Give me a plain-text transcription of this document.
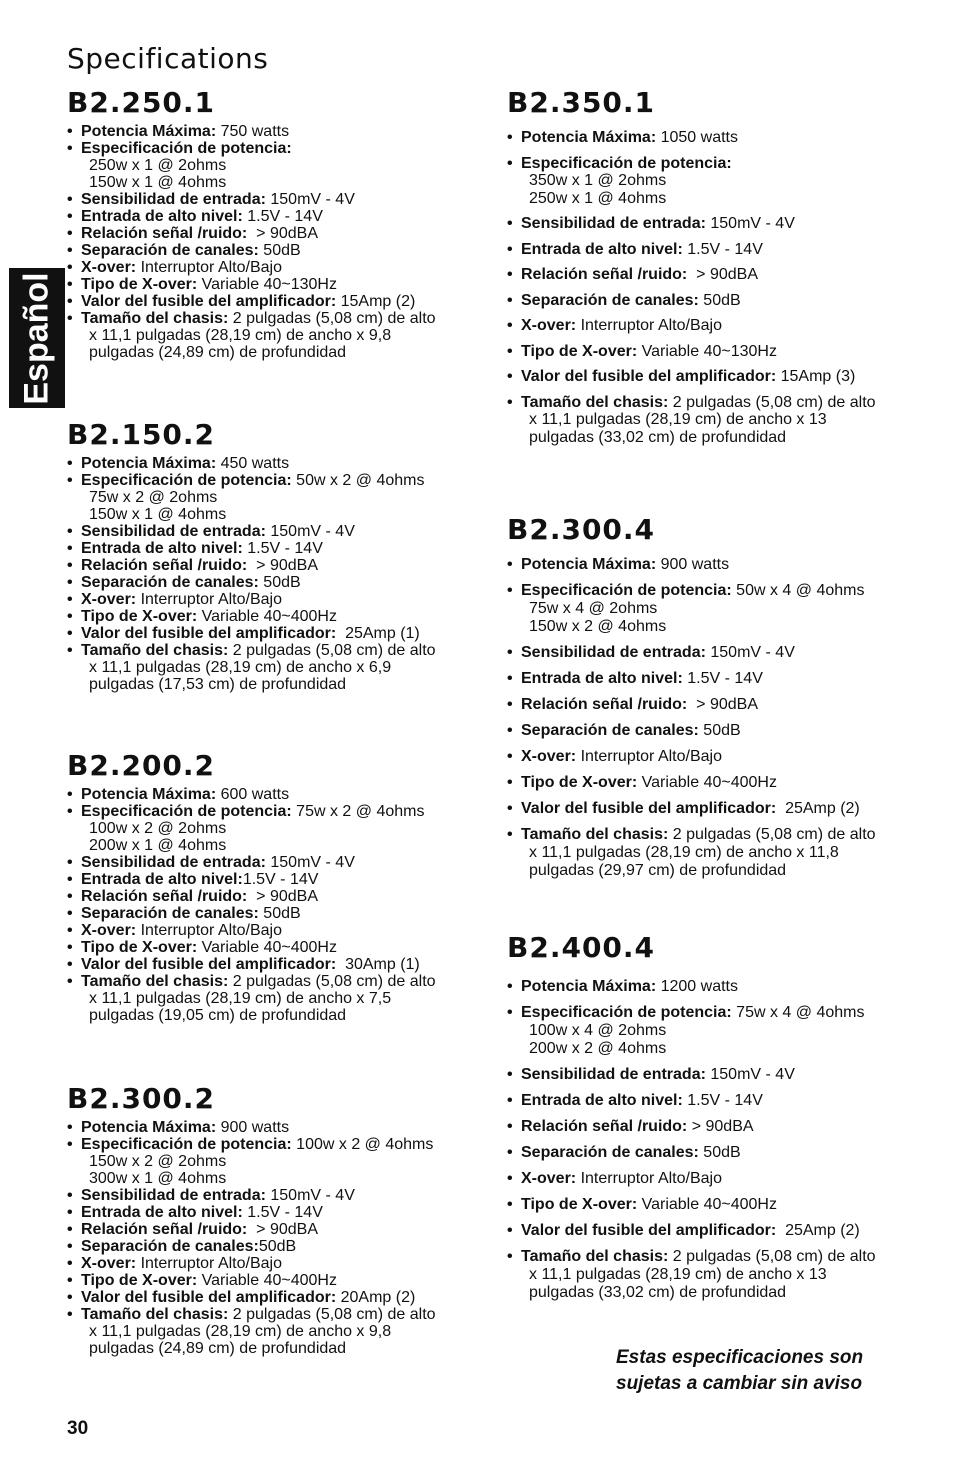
Specifications
Español
B2.250.1
• Potencia Máxima: 750 watts
• Especificación de potencia:
250w x 1 @ 2ohms
150w x 1 @ 4ohms
• Sensibilidad de entrada: 150mV - 4V
• Entrada de alto nivel: 1.5V - 14V
• Relación señal /ruido:  > 90dBA
• Separación de canales: 50dB
• X-over: Interruptor Alto/Bajo
• Tipo de X-over: Variable 40~130Hz
• Valor del fusible del amplificador: 15Amp (2)
• Tamaño del chasis: 2 pulgadas (5,08 cm) de alto
x 11,1 pulgadas (28,19 cm) de ancho x 9,8
pulgadas (24,89 cm) de profundidad
B2.150.2
• Potencia Máxima: 450 watts
• Especificación de potencia: 50w x 2 @ 4ohms
75w x 2 @ 2ohms
150w x 1 @ 4ohms
• Sensibilidad de entrada: 150mV - 4V
• Entrada de alto nivel: 1.5V - 14V
• Relación señal /ruido:  > 90dBA
• Separación de canales: 50dB
• X-over: Interruptor Alto/Bajo
• Tipo de X-over: Variable 40~400Hz
• Valor del fusible del amplificador:  25Amp (1)
• Tamaño del chasis: 2 pulgadas (5,08 cm) de alto
x 11,1 pulgadas (28,19 cm) de ancho x 6,9
pulgadas (17,53 cm) de profundidad
B2.200.2
• Potencia Máxima: 600 watts
• Especificación de potencia: 75w x 2 @ 4ohms
100w x 2 @ 2ohms
200w x 1 @ 4ohms
• Sensibilidad de entrada: 150mV - 4V
• Entrada de alto nivel:1.5V - 14V
• Relación señal /ruido:  > 90dBA
• Separación de canales: 50dB
• X-over: Interruptor Alto/Bajo
• Tipo de X-over: Variable 40~400Hz
• Valor del fusible del amplificador:  30Amp (1)
• Tamaño del chasis: 2 pulgadas (5,08 cm) de alto
x 11,1 pulgadas (28,19 cm) de ancho x 7,5
pulgadas (19,05 cm) de profundidad
B2.300.2
• Potencia Máxima: 900 watts
• Especificación de potencia: 100w x 2 @ 4ohms
150w x 2 @ 2ohms
300w x 1 @ 4ohms
• Sensibilidad de entrada: 150mV - 4V
• Entrada de alto nivel: 1.5V - 14V
• Relación señal /ruido:  > 90dBA
• Separación de canales:50dB
• X-over: Interruptor Alto/Bajo
• Tipo de X-over: Variable 40~400Hz
• Valor del fusible del amplificador: 20Amp (2)
• Tamaño del chasis: 2 pulgadas (5,08 cm) de alto
x 11,1 pulgadas (28,19 cm) de ancho x 9,8
pulgadas (24,89 cm) de profundidad
B2.350.1
• Potencia Máxima: 1050 watts
• Especificación de potencia:
350w x 1 @ 2ohms
250w x 1 @ 4ohms
• Sensibilidad de entrada: 150mV - 4V
• Entrada de alto nivel: 1.5V - 14V
• Relación señal /ruido:  > 90dBA
• Separación de canales: 50dB
• X-over: Interruptor Alto/Bajo
• Tipo de X-over: Variable 40~130Hz
• Valor del fusible del amplificador: 15Amp (3)
• Tamaño del chasis: 2 pulgadas (5,08 cm) de alto
x 11,1 pulgadas (28,19 cm) de ancho x 13
pulgadas (33,02 cm) de profundidad
B2.300.4
• Potencia Máxima: 900 watts
• Especificación de potencia: 50w x 4 @ 4ohms
75w x 4 @ 2ohms
150w x 2 @ 4ohms
• Sensibilidad de entrada: 150mV - 4V
• Entrada de alto nivel: 1.5V - 14V
• Relación señal /ruido:  > 90dBA
• Separación de canales: 50dB
• X-over: Interruptor Alto/Bajo
• Tipo de X-over: Variable 40~400Hz
• Valor del fusible del amplificador:  25Amp (2)
• Tamaño del chasis: 2 pulgadas (5,08 cm) de alto
x 11,1 pulgadas (28,19 cm) de ancho x 11,8
pulgadas (29,97 cm) de profundidad
B2.400.4
• Potencia Máxima: 1200 watts
• Especificación de potencia: 75w x 4 @ 4ohms
100w x 4 @ 2ohms
200w x 2 @ 4ohms
• Sensibilidad de entrada: 150mV - 4V
• Entrada de alto nivel: 1.5V - 14V
• Relación señal /ruido: > 90dBA
• Separación de canales: 50dB
• X-over: Interruptor Alto/Bajo
• Tipo de X-over: Variable 40~400Hz
• Valor del fusible del amplificador:  25Amp (2)
• Tamaño del chasis: 2 pulgadas (5,08 cm) de alto
x 11,1 pulgadas (28,19 cm) de ancho x 13
pulgadas (33,02 cm) de profundidad
Estas especificaciones son
sujetas a cambiar sin aviso
30
